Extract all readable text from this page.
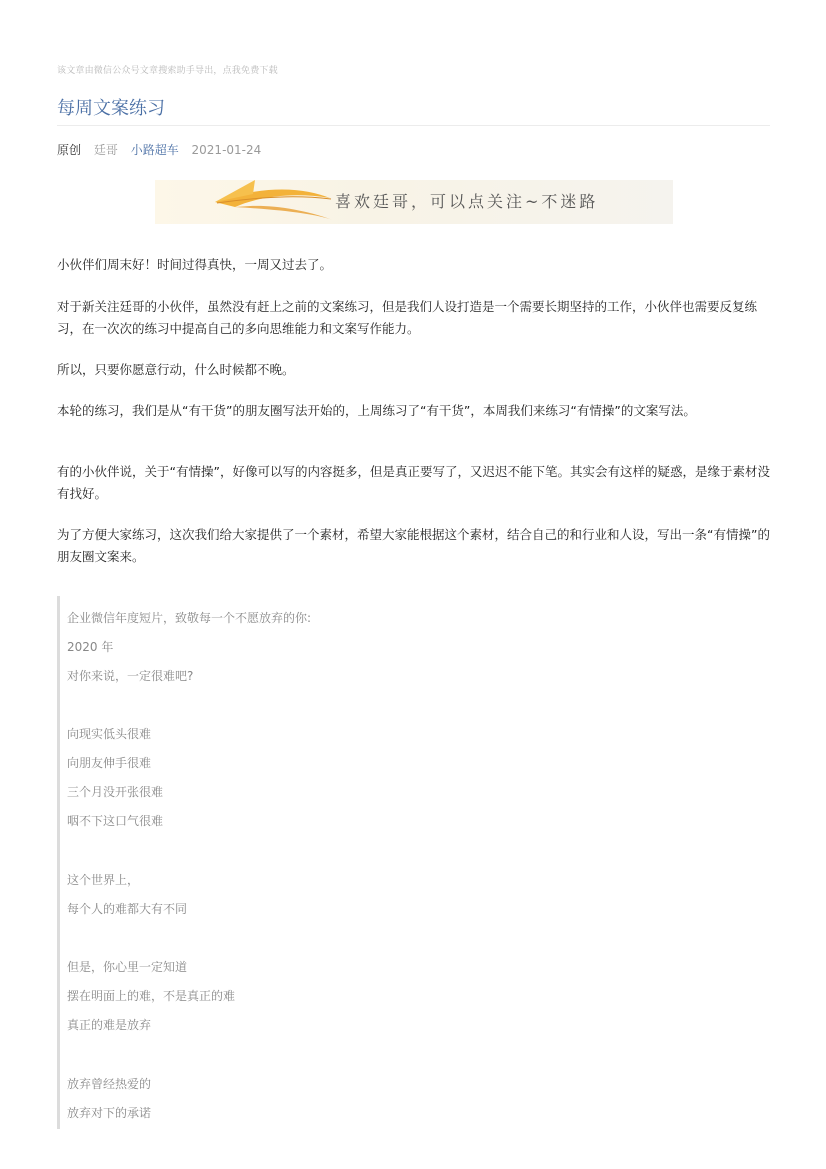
该文章由微信公众号文章搜索助手导出，点我免费下载
每周文案练习
原创 廷哥 小路超车 2021-01-24
喜欢廷哥，可以点关注~不迷路

小伙伴们周末好！时间过得真快，一周又过去了。

对于新关注廷哥的小伙伴，虽然没有赶上之前的文案练习，但是我们人设打造是一个需要长期坚持的工作，小伙伴也需要反复练习，在一次次的练习中提高自己的多向思维能力和文案写作能力。

所以，只要你愿意行动，什么时候都不晚。

本轮的练习，我们是从“有干货”的朋友圈写法开始的，上周练习了“有干货”，本周我们来练习“有情操”的文案写法。

有的小伙伴说，关于“有情操”，好像可以写的内容挺多，但是真正要写了，又迟迟不能下笔。其实会有这样的疑惑，是缘于素材没有找好。

为了方便大家练习，这次我们给大家提供了一个素材，希望大家能根据这个素材，结合自己的和行业和人设，写出一条“有情操”的朋友圈文案来。

企业微信年度短片，致敬每一个不愿放弃的你:
2020 年
对你来说，一定很难吧?
向现实低头很难
向朋友伸手很难
三个月没开张很难
咽不下这口气很难
这个世界上，
每个人的难都大有不同
但是，你心里一定知道
摆在明面上的难，不是真正的难
真正的难是放弃
放弃曾经热爱的
放弃对下的承诺
